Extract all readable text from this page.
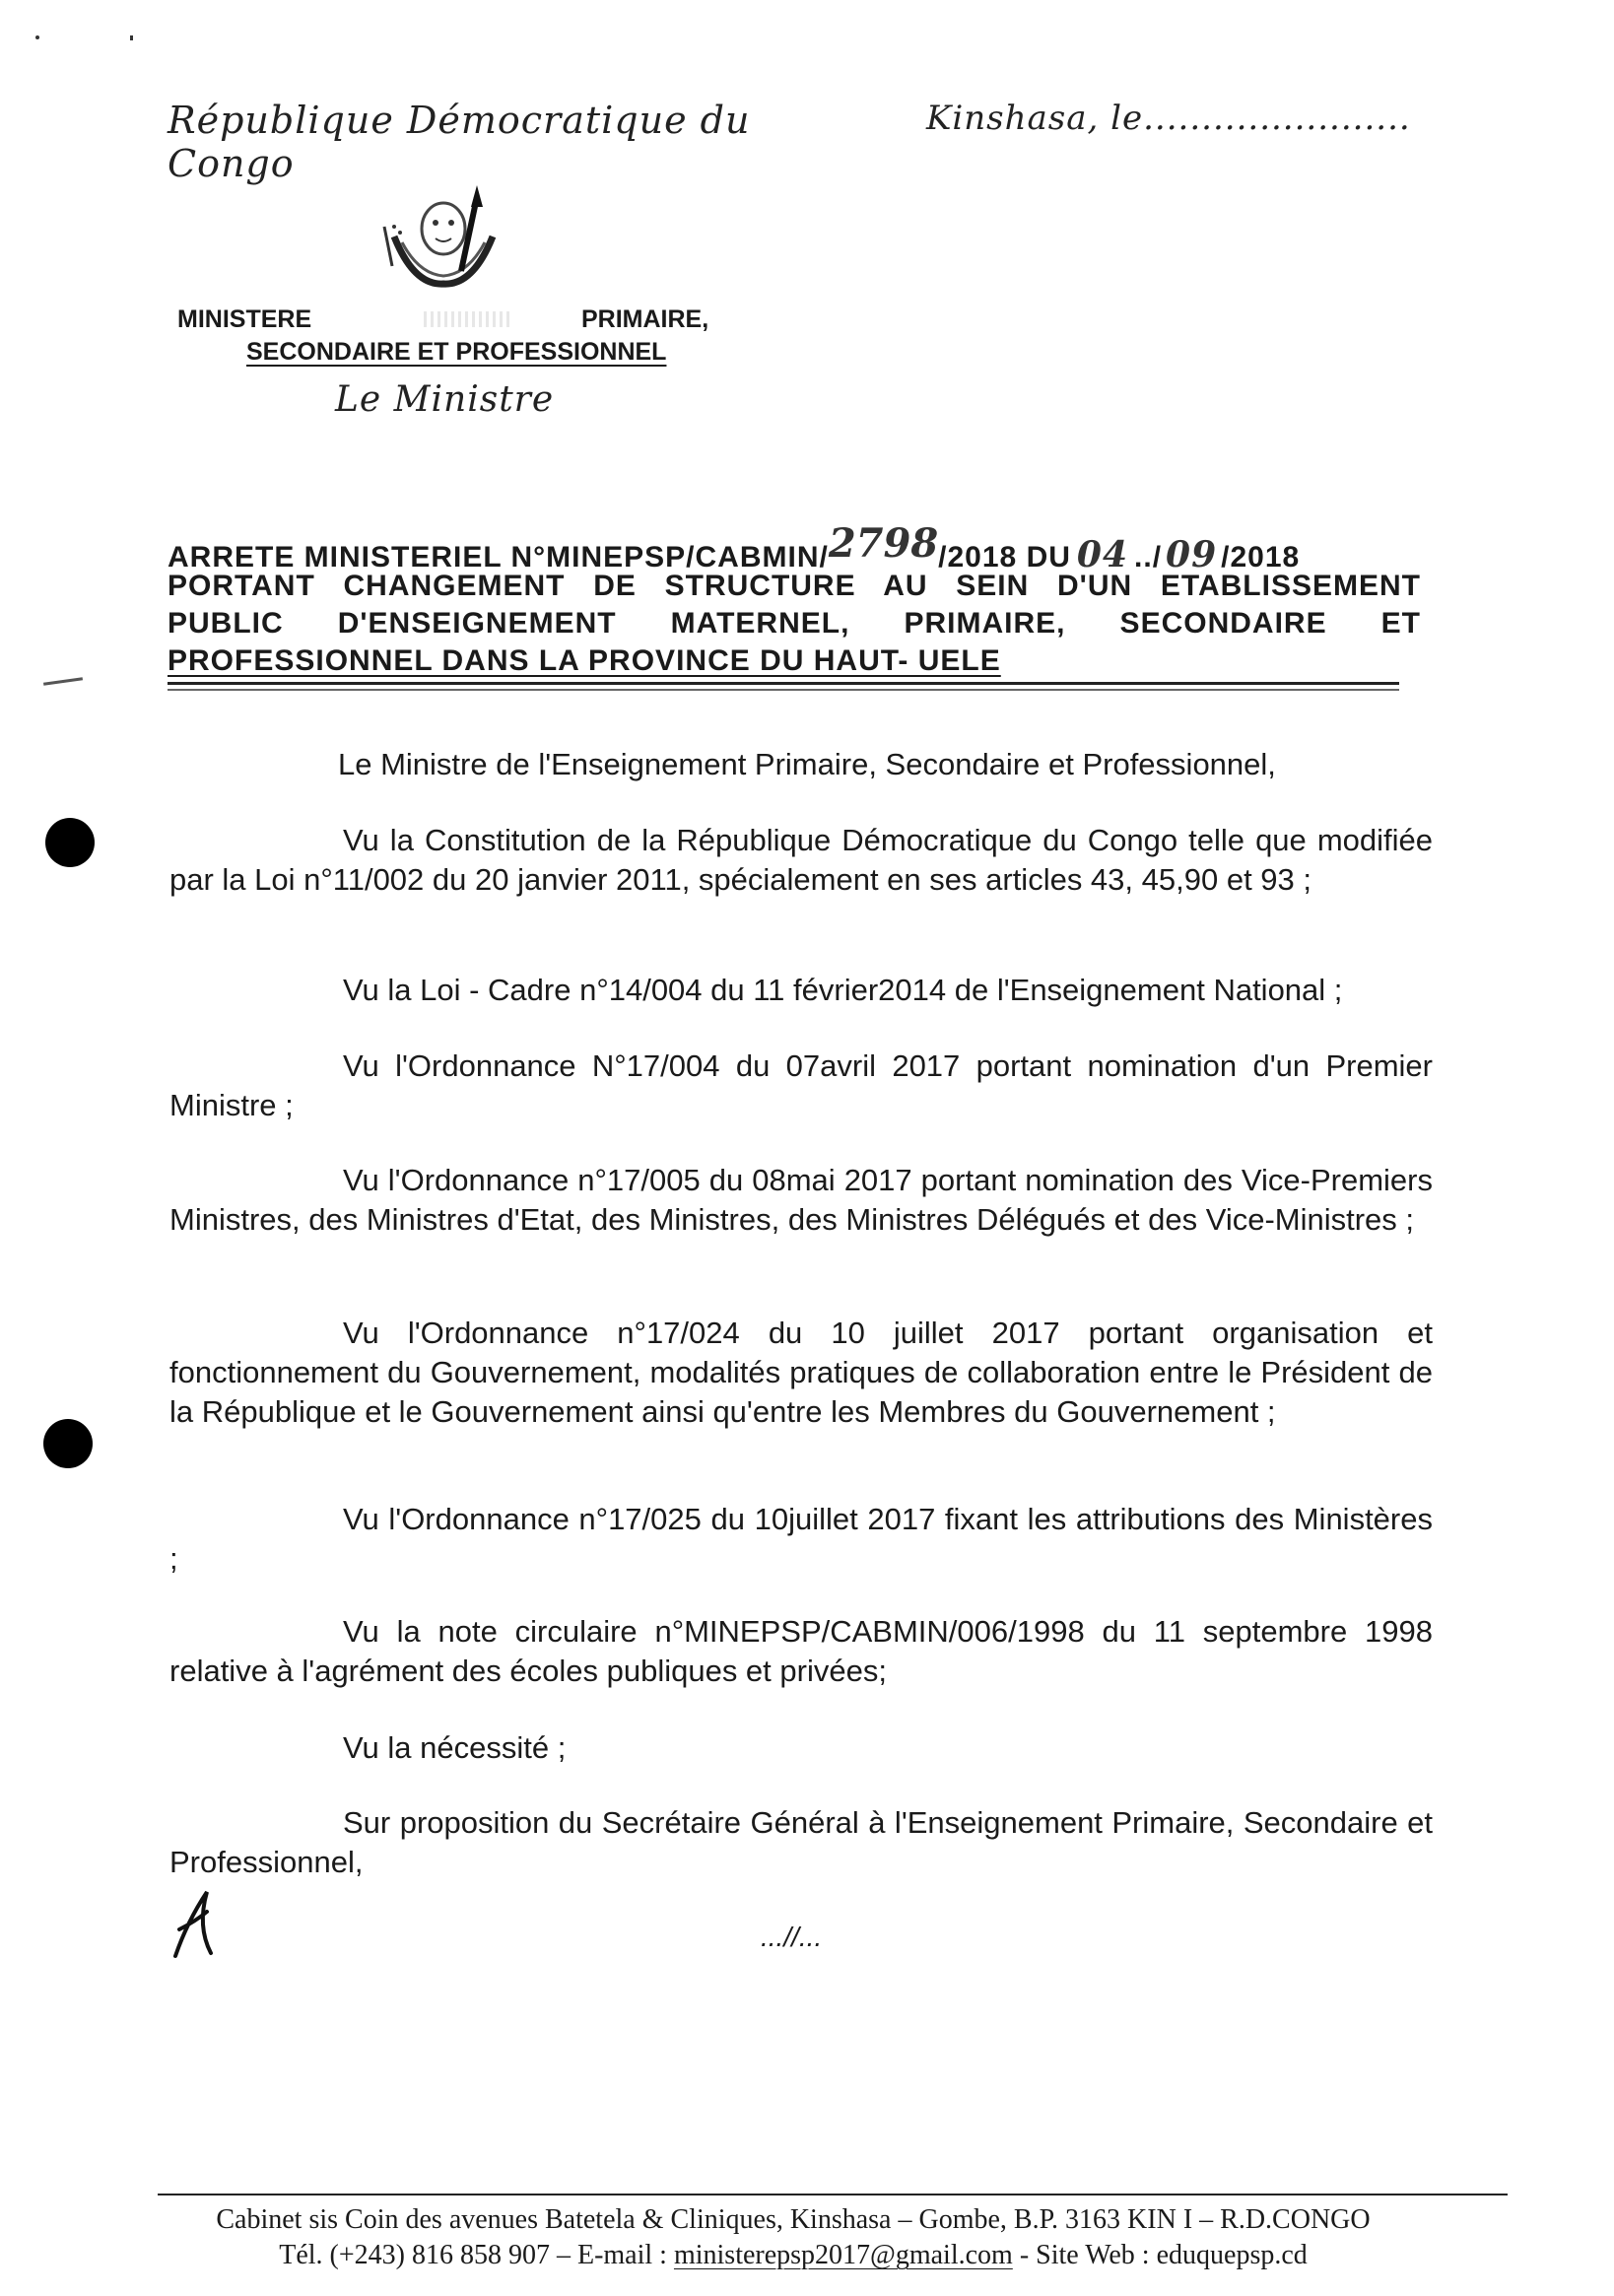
République Démocratique du Congo
Kinshasa, le.......................
MINISTERE	PRIMAIRE,
SECONDAIRE ET PROFESSIONNEL
Le Ministre
ARRETE MINISTERIEL N°MINEPSP/CABMIN/2798/2018 DU 04 ../ 09 /2018
PORTANT CHANGEMENT DE STRUCTURE AU SEIN D'UN ETABLISSEMENT
PUBLIC D'ENSEIGNEMENT MATERNEL, PRIMAIRE, SECONDAIRE ET
PROFESSIONNEL DANS LA PROVINCE DU HAUT- UELE
Le Ministre de l'Enseignement Primaire, Secondaire et Professionnel,
Vu la Constitution de la République Démocratique du Congo telle que modifiée par la Loi n°11/002 du 20 janvier 2011, spécialement en ses articles 43, 45,90 et 93 ;
Vu la Loi - Cadre n°14/004 du 11 février2014 de l'Enseignement National ;
Vu l'Ordonnance N°17/004 du 07avril 2017 portant nomination d'un Premier Ministre ;
Vu l'Ordonnance n°17/005 du 08mai 2017 portant nomination des Vice-Premiers Ministres, des Ministres d'Etat, des Ministres, des Ministres Délégués et des Vice-Ministres ;
Vu l'Ordonnance n°17/024 du 10 juillet 2017 portant organisation et fonctionnement du Gouvernement, modalités pratiques de collaboration entre le Président de la République et le Gouvernement ainsi qu'entre les Membres du Gouvernement ;
Vu l'Ordonnance n°17/025 du 10juillet 2017 fixant les attributions des Ministères ;
Vu la note circulaire n°MINEPSP/CABMIN/006/1998 du 11 septembre 1998 relative à l'agrément des écoles publiques et privées;
Vu la nécessité ;
Sur proposition du Secrétaire Général à l'Enseignement Primaire, Secondaire et Professionnel,
...//...
Cabinet sis Coin des avenues Batetela & Cliniques, Kinshasa – Gombe, B.P. 3163 KIN I – R.D.CONGO
Tél. (+243) 816 858 907 – E-mail : ministerepsp2017@gmail.com - Site Web : eduquepsp.cd
